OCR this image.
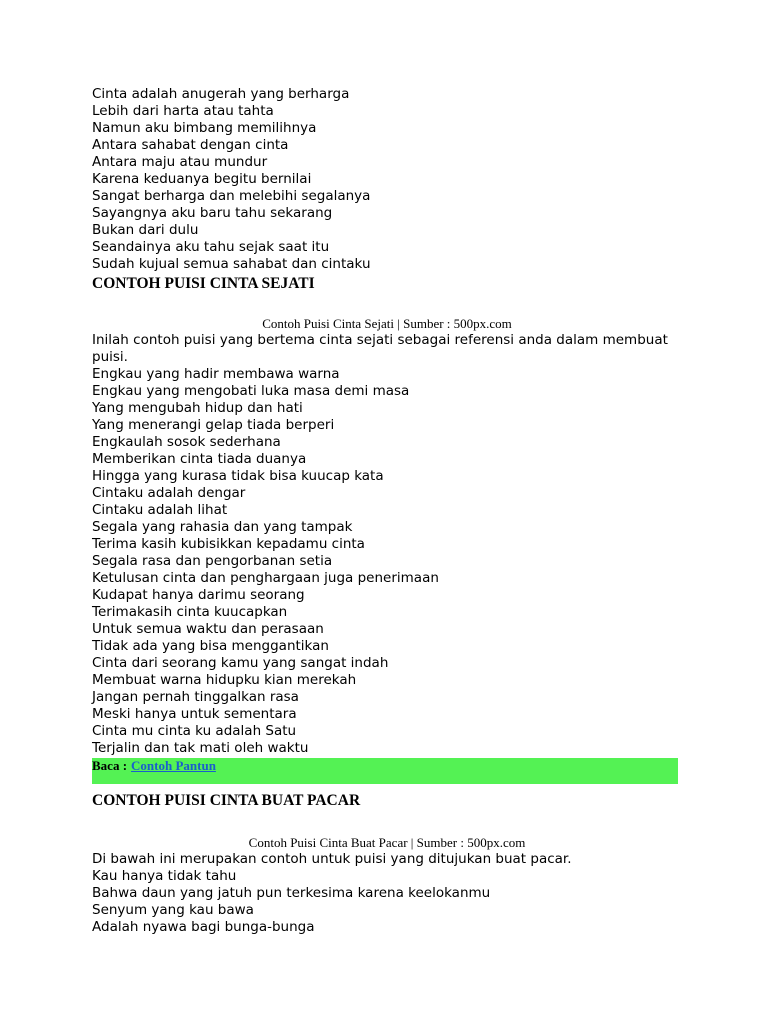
Cinta adalah anugerah yang berharga

Lebih dari harta atau tahta

Namun aku bimbang memilihnya

Antara sahabat dengan cinta

Antara maju atau mundur

Karena keduanya begitu bernilai

Sangat berharga dan melebihi segalanya

Sayangnya aku baru tahu sekarang

Bukan dari dulu

Seandainya aku tahu sejak saat itu

Sudah kujual semua sahabat dan cintaku

CONTOH PUISI CINTA SEJATI

Contoh Puisi Cinta Sejati | Sumber : 500px.com

Inilah contoh puisi yang bertema cinta sejati sebagai referensi anda dalam membuat puisi.

Engkau yang hadir membawa warna

Engkau yang mengobati luka masa demi masa

Yang mengubah hidup dan hati

Yang menerangi gelap tiada berperi

Engkaulah sosok sederhana

Memberikan cinta tiada duanya

Hingga yang kurasa tidak bisa kuucap kata

Cintaku adalah dengar

Cintaku adalah lihat

Segala yang rahasia dan yang tampak

Terima kasih kubisikkan kepadamu cinta

Segala rasa dan pengorbanan setia

Ketulusan cinta dan penghargaan juga penerimaan

Kudapat hanya darimu seorang

Terimakasih cinta kuucapkan

Untuk semua waktu dan perasaan

Tidak ada yang bisa menggantikan

Cinta dari seorang kamu yang sangat indah

Membuat warna hidupku kian merekah

Jangan pernah tinggalkan rasa

Meski hanya untuk sementara

Cinta mu cinta ku adalah Satu

Terjalin dan tak mati oleh waktu

Baca : Contoh Pantun
CONTOH PUISI CINTA BUAT PACAR

Contoh Puisi Cinta Buat Pacar | Sumber : 500px.com

Di bawah ini merupakan contoh untuk puisi yang ditujukan buat pacar.

Kau hanya tidak tahu

Bahwa daun yang jatuh pun terkesima karena keelokanmu

Senyum yang kau bawa

Adalah nyawa bagi bunga-bunga
